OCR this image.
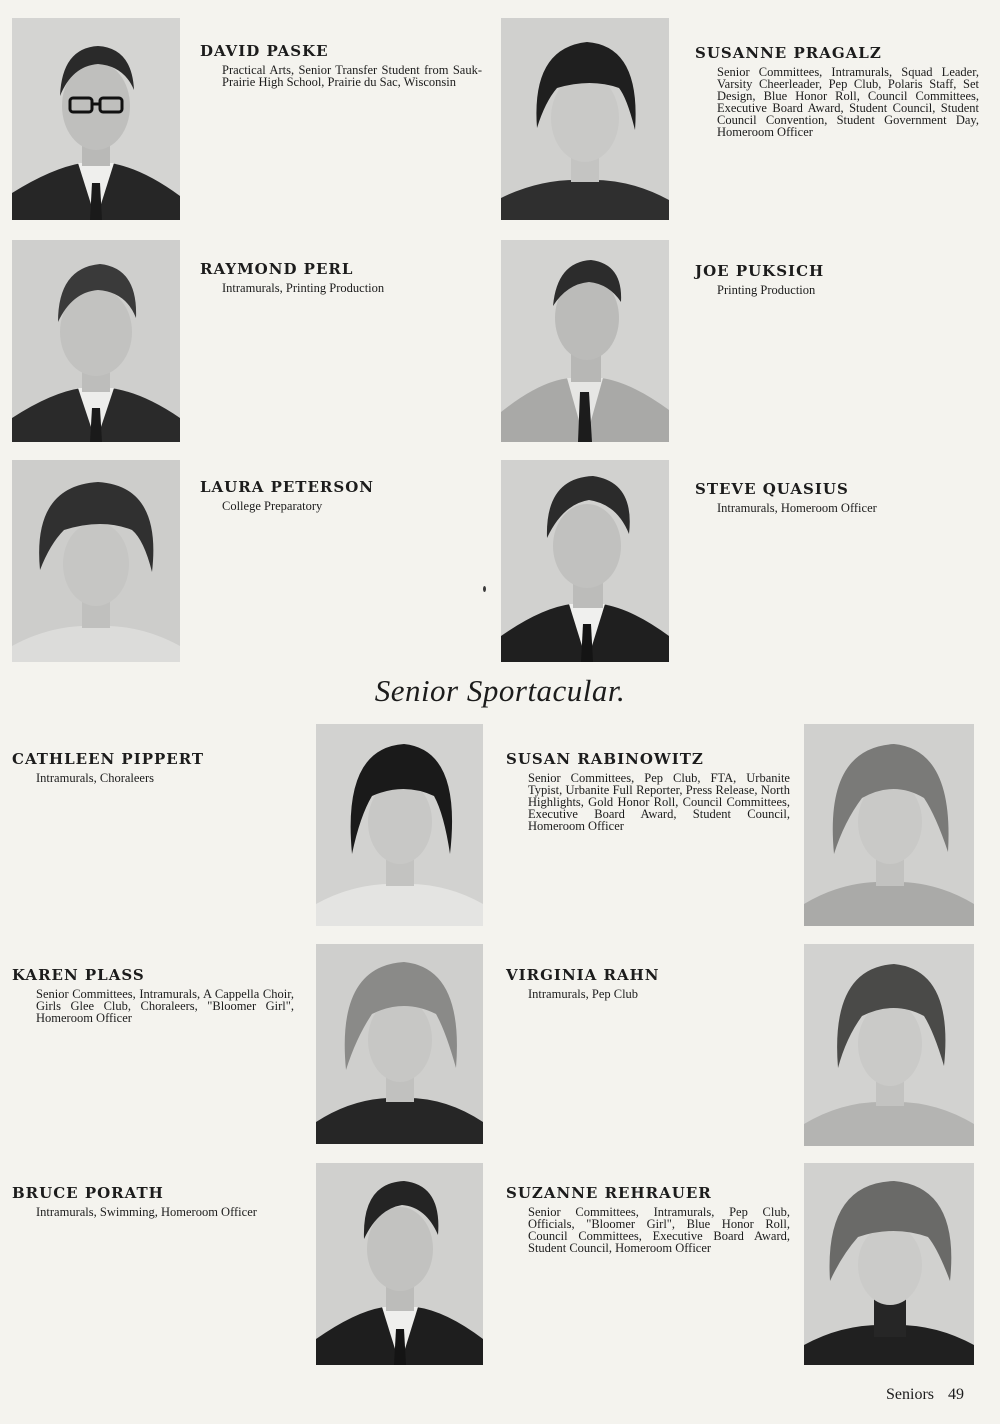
DAVID PASKE
Practical Arts, Senior Transfer Student from Sauk-Prairie High School, Prairie du Sac, Wisconsin
SUSANNE PRAGALZ
Senior Committees, Intramurals, Squad Leader, Varsity Cheerleader, Pep Club, Polaris Staff, Set Design, Blue Honor Roll, Council Committees, Executive Board Award, Student Council, Student Council Convention, Student Government Day, Homeroom Officer
RAYMOND PERL
Intramurals, Printing Production
JOE PUKSICH
Printing Production
LAURA PETERSON
College Preparatory
STEVE QUASIUS
Intramurals, Homeroom Officer
Senior Sportacular.
CATHLEEN PIPPERT
Intramurals, Choraleers
SUSAN RABINOWITZ
Senior Committees, Pep Club, FTA, Urbanite Typist, Urbanite Full Reporter, Press Release, North Highlights, Gold Honor Roll, Council Committees, Executive Board Award, Student Council, Homeroom Officer
KAREN PLASS
Senior Committees, Intramurals, A Cappella Choir, Girls Glee Club, Choraleers, "Bloomer Girl", Homeroom Officer
VIRGINIA RAHN
Intramurals, Pep Club
BRUCE PORATH
Intramurals, Swimming, Homeroom Officer
SUZANNE REHRAUER
Senior Committees, Intramurals, Pep Club, Officials, "Bloomer Girl", Blue Honor Roll, Council Committees, Executive Board Award, Student Council, Homeroom Officer
Seniors 49
